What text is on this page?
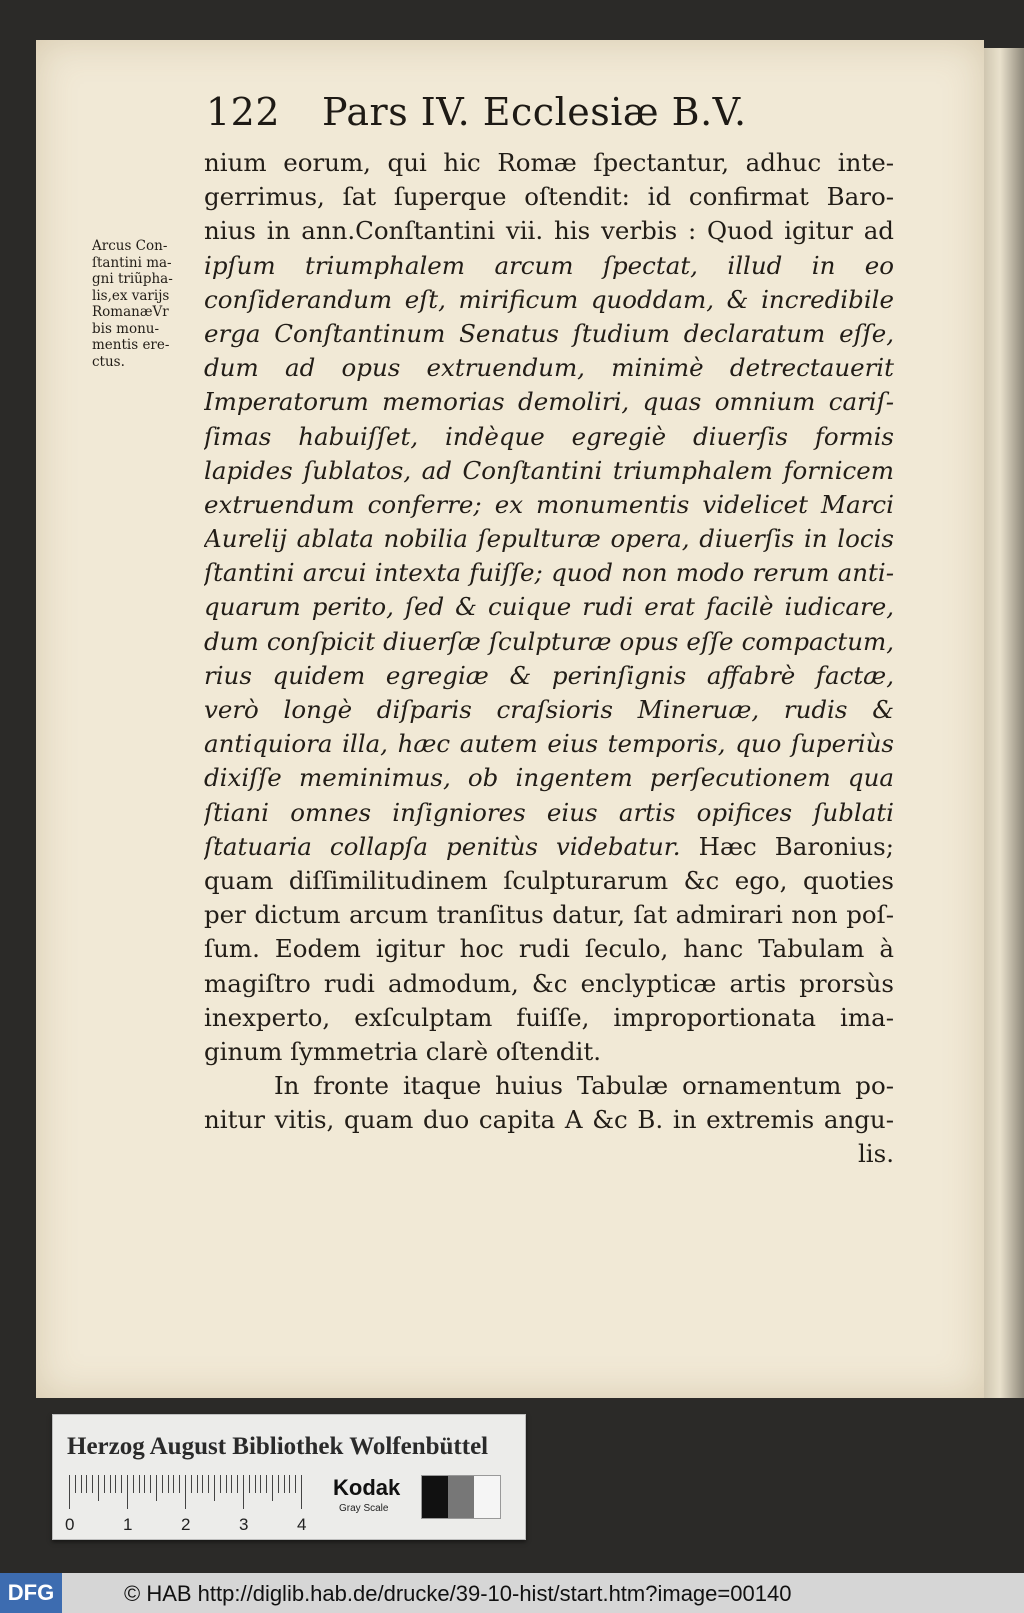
122 Pars IV. Ecclesiæ B.V.
Arcus Con-
ſtantini ma-
gni triũpha-
lis,ex varijs
RomanæVr
bis monu-
mentis ere-
ctus.
nium eorum, qui hic Romæ ſpectantur, adhuc inte-
gerrimus, ſat ſuperque oſtendit: id confirmat Baro-
nius in ann.Conſtantini vii. his verbis : Quod igitur ad
ipſum triumphalem arcum ſpectat, illud in eo
conſiderandum eſt, mirificum quoddam, & incredibile
erga Conſtantinum Senatus ſtudium declaratum eſſe,
dum ad opus extruendum, minimè detrectauerit
Imperatorum memorias demoliri, quas omnium cariſ-
ſimas habuiſſet, indèque egregiè diuerſis formis
lapides ſublatos, ad Conſtantini triumphalem fornicem
extruendum conferre; ex monumentis videlicet Marci
Aurelij ablata nobilia ſepulturæ opera, diuerſis in locis
ſtantini arcui intexta fuiſſe; quod non modo rerum anti-
quarum perito, ſed & cuique rudi erat facilè iudicare,
dum conſpicit diuerſæ ſculpturæ opus eſſe compactum,
rius quidem egregiæ & perinſignis affabrè factæ,
verò longè diſparis craſsioris Mineruæ, rudis &
antiquiora illa, hæc autem eius temporis, quo ſuperiùs
dixiſſe meminimus, ob ingentem perſecutionem qua
ſtiani omnes inſigniores eius artis opifices ſublati
ſtatuaria collapſa penitùs videbatur. Hæc Baronius;
quam diſſimilitudinem ſculpturarum &c ego, quoties
per dictum arcum tranſitus datur, ſat admirari non poſ-
ſum. Eodem igitur hoc rudi ſeculo, hanc Tabulam à
magiſtro rudi admodum, &c enclypticæ artis prorsùs
inexperto, exſculptam fuiſſe, improportionata ima-
ginum ſymmetria clarè oſtendit.
In fronte itaque huius Tabulæ ornamentum po-
nitur vitis, quam duo capita A &c B. in extremis angu-
lis.
Herzog August Bibliothek Wolfenbüttel
0	1	2	3	4
Kodak
Gray Scale
DFG	© HAB http://diglib.hab.de/drucke/39-10-hist/start.htm?image=00140
